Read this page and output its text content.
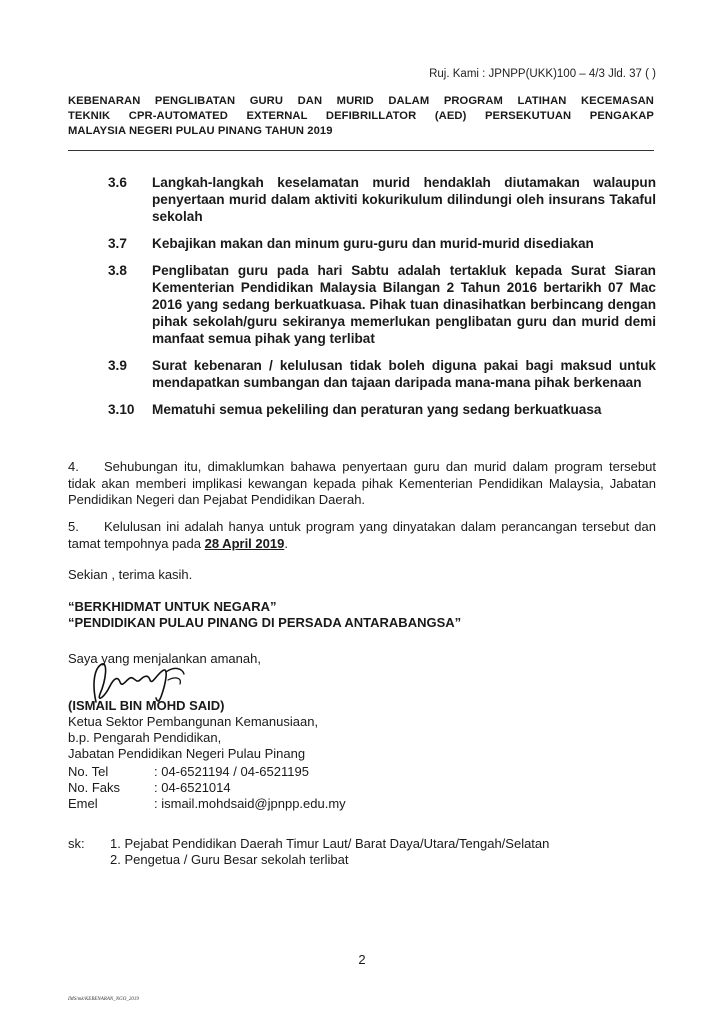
Ruj. Kami : JPNPP(UKK)100 – 4/3 Jld. 37 ( )
KEBENARAN PENGLIBATAN GURU DAN MURID DALAM PROGRAM LATIHAN KECEMASAN
TEKNIK CPR-AUTOMATED EXTERNAL DEFIBRILLATOR (AED) PERSEKUTUAN PENGAKAP
MALAYSIA NEGERI PULAU PINANG TAHUN 2019
3.6	Langkah-langkah keselamatan murid hendaklah diutamakan walaupun penyertaan murid dalam aktiviti kokurikulum dilindungi oleh insurans Takaful sekolah
3.7	Kebajikan makan dan minum guru-guru dan murid-murid disediakan
3.8	Penglibatan guru pada hari Sabtu adalah tertakluk kepada Surat Siaran Kementerian Pendidikan Malaysia Bilangan 2 Tahun 2016 bertarikh 07 Mac 2016 yang sedang berkuatkuasa. Pihak tuan dinasihatkan berbincang dengan pihak sekolah/guru sekiranya memerlukan penglibatan guru dan murid demi manfaat semua pihak yang terlibat
3.9	Surat kebenaran / kelulusan tidak boleh diguna pakai bagi maksud untuk mendapatkan sumbangan dan tajaan daripada mana-mana pihak berkenaan
3.10	Mematuhi semua pekeliling dan peraturan yang sedang berkuatkuasa
4. Sehubungan itu, dimaklumkan bahawa penyertaan guru dan murid dalam program tersebut tidak akan memberi implikasi kewangan kepada pihak Kementerian Pendidikan Malaysia, Jabatan Pendidikan Negeri dan Pejabat Pendidikan Daerah.
5. Kelulusan ini adalah hanya untuk program yang dinyatakan dalam perancangan tersebut dan tamat tempohnya pada 28 April 2019.
Sekian , terima kasih.
“BERKHIDMAT UNTUK NEGARA”
“PENDIDIKAN PULAU PINANG DI PERSADA ANTARABANGSA”
Saya yang menjalankan amanah,
(ISMAIL BIN MOHD SAID)
Ketua Sektor Pembangunan Kemanusiaan,
b.p. Pengarah Pendidikan,
Jabatan Pendidikan Negeri Pulau Pinang
No. Tel	: 04-6521194 / 04-6521195
No. Faks	: 04-6521014
Emel	: ismail.mohdsaid@jpnpp.edu.my
sk:	1. Pejabat Pendidikan Daerah Timur Laut/ Barat Daya/Utara/Tengah/Selatan
2. Pengetua / Guru Besar sekolah terlibat
2
IMS/mk/KEBENARAN_NGO_2019
